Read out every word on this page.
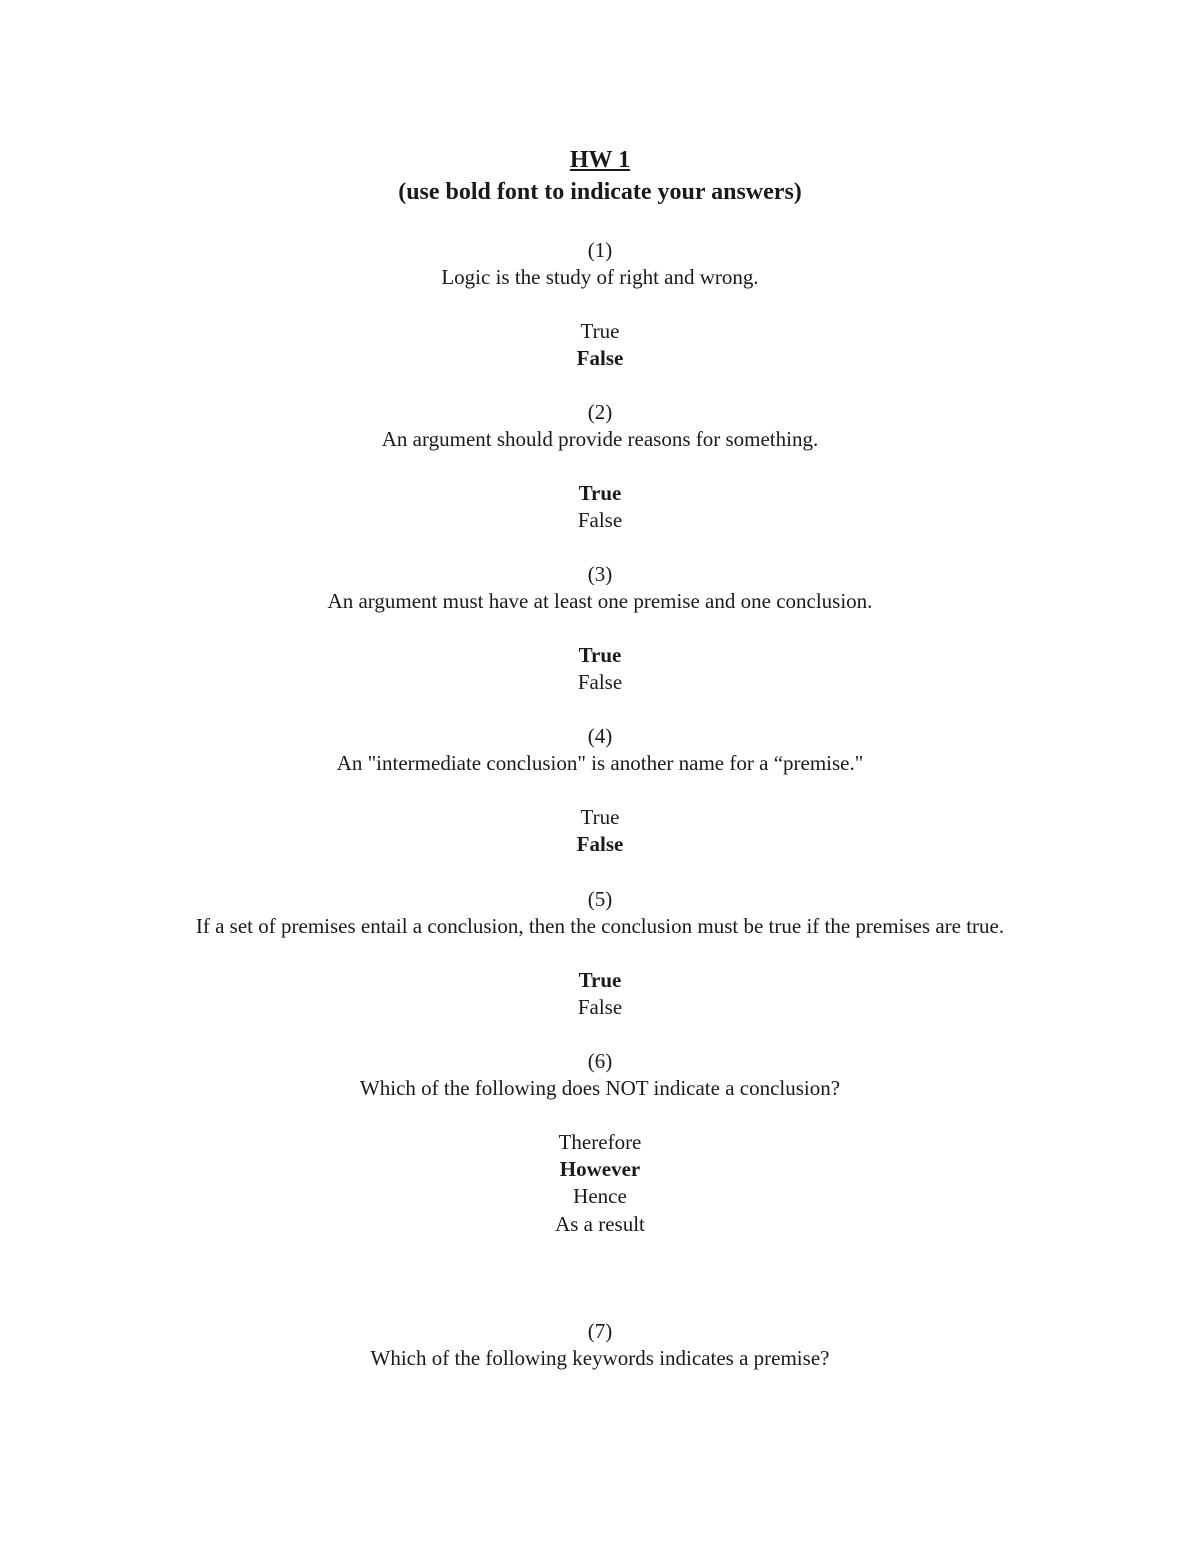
HW 1
(use bold font to indicate your answers)
(1)
Logic is the study of right and wrong.
True
False
(2)
An argument should provide reasons for something.
True
False
(3)
An argument must have at least one premise and one conclusion.
True
False
(4)
An "intermediate conclusion" is another name for a “premise."
True
False
(5)
If a set of premises entail a conclusion, then the conclusion must be true if the premises are true.
True
False
(6)
Which of the following does NOT indicate a conclusion?
Therefore
However
Hence
As a result
(7)
Which of the following keywords indicates a premise?
